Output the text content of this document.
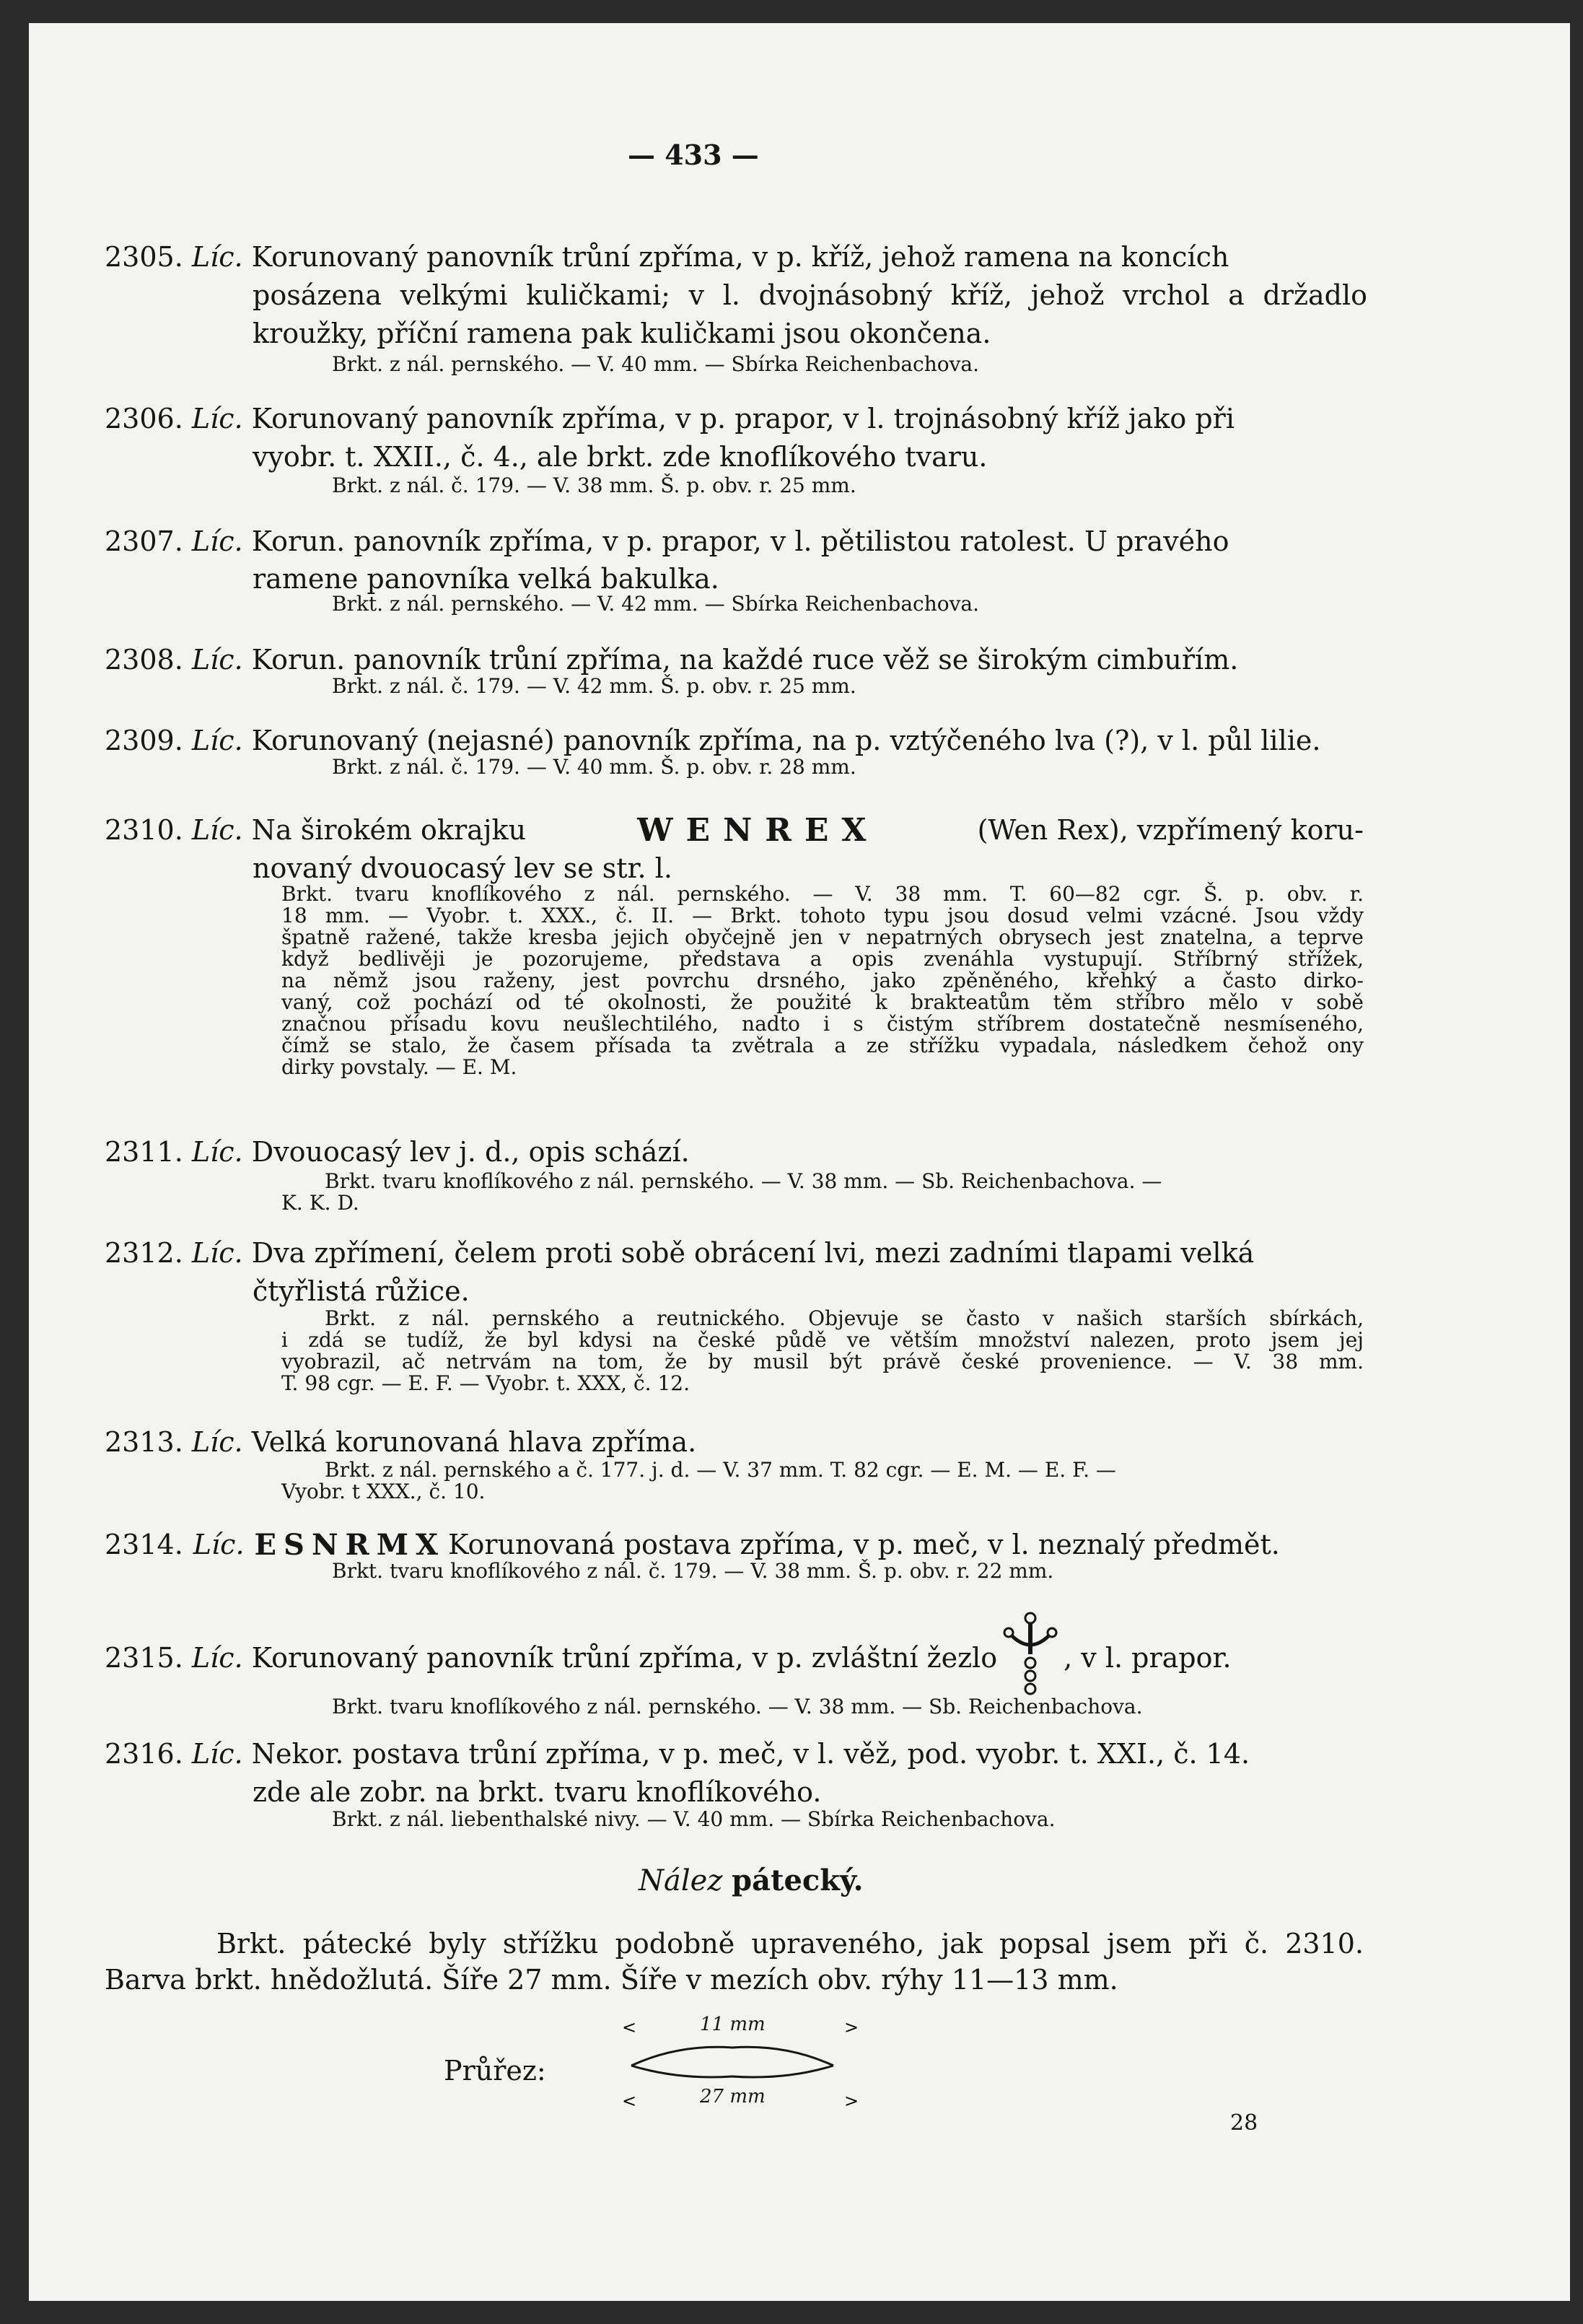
— 433 —
2305. Líc. Korunovaný panovník trůní zpříma, v p. kříž, jehož ramena na koncích
posázena velkými kuličkami; v l. dvojnásobný kříž, jehož vrchol a držadlo
kroužky, příční ramena pak kuličkami jsou okončena.
Brkt. z nál. pernského. — V. 40 mm. — Sbírka Reichenbachova.
2306. Líc. Korunovaný panovník zpříma, v p. prapor, v l. trojnásobný kříž jako při
vyobr. t. XXII., č. 4., ale brkt. zde knoflíkového tvaru.
Brkt. z nál. č. 179. — V. 38 mm. Š. p. obv. r. 25 mm.
2307. Líc. Korun. panovník zpříma, v p. prapor, v l. pětilistou ratolest. U pravého
ramene panovníka velká bakulka.
Brkt. z nál. pernského. — V. 42 mm. — Sbírka Reichenbachova.
2308. Líc. Korun. panovník trůní zpříma, na každé ruce věž se širokým cimbuřím.
Brkt. z nál. č. 179. — V. 42 mm. Š. p. obv. r. 25 mm.
2309. Líc. Korunovaný (nejasné) panovník zpříma, na p. vztýčeného lva (?), v l. půl lilie.
Brkt. z nál. č. 179. — V. 40 mm. Š. p. obv. r. 28 mm.
2310. Líc. Na širokém okrajku	W E N R E X	(Wen Rex), vzpřímený koru-
novaný dvouocasý lev se str. l.
Brkt. tvaru knoflíkového z nál. pernského. — V. 38 mm. T. 60—82 cgr. Š. p. obv. r.
18 mm. — Vyobr. t. XXX., č. II. — Brkt. tohoto typu jsou dosud velmi vzácné. Jsou vždy
špatně ražené, takže kresba jejich obyčejně jen v nepatrných obrysech jest znatelna, a teprve
když bedlivěji je pozorujeme, představa a opis zvenáhla vystupují. Stříbrný střížek,
na němž jsou raženy, jest povrchu drsného, jako zpěněného, křehký a často dirko-
vaný, což pochází od té okolnosti, že použité k brakteatům těm stříbro mělo v sobě
značnou přísadu kovu neušlechtilého, nadto i s čistým stříbrem dostatečně nesmíseného,
čímž se stalo, že časem přísada ta zvětrala a ze střížku vypadala, následkem čehož ony
dirky povstaly. — E. M.
2311. Líc. Dvouocasý lev j. d., opis schází.
Brkt. tvaru knoflíkového z nál. pernského. — V. 38 mm. — Sb. Reichenbachova. —
K. K. D.
2312. Líc. Dva zpřímení, čelem proti sobě obrácení lvi, mezi zadními tlapami velká
čtyřlistá růžice.
Brkt. z nál. pernského a reutnického. Objevuje se často v našich starších sbírkách,
i zdá se tudíž, že byl kdysi na české půdě ve větším množství nalezen, proto jsem jej
vyobrazil, ač netrvám na tom, že by musil být právě české provenience. — V. 38 mm.
T. 98 cgr. — E. F. — Vyobr. t. XXX, č. 12.
2313. Líc. Velká korunovaná hlava zpříma.
Brkt. z nál. pernského a č. 177. j. d. — V. 37 mm. T. 82 cgr. — E. M. — E. F. —
Vyobr. t XXX., č. 10.
2314. Líc. E S N R M X Korunovaná postava zpříma, v p. meč, v l. neznalý předmět.
Brkt. tvaru knoflíkového z nál. č. 179. — V. 38 mm. Š. p. obv. r. 22 mm.
2315.
Líc.
Korunovaný panovník trůní zpříma, v p. zvláštní žezlo , v l. prapor.
Brkt. tvaru knoflíkového z nál. pernského. — V. 38 mm. — Sb. Reichenbachova.
2316. Líc. Nekor. postava trůní zpříma, v p. meč, v l. věž, pod. vyobr. t. XXI., č. 14.
zde ale zobr. na brkt. tvaru knoflíkového.
Brkt. z nál. liebenthalské nivy. — V. 40 mm. — Sbírka Reichenbachova.
Nález pátecký.
Brkt. pátecké byly střížku podobně upraveného, jak popsal jsem při č. 2310.
Barva brkt. hnědožlutá. Šíře 27 mm. Šíře v mezích obv. rýhy 11—13 mm.
Průřez:
<	>
<	>
11 mm
27 mm
28
